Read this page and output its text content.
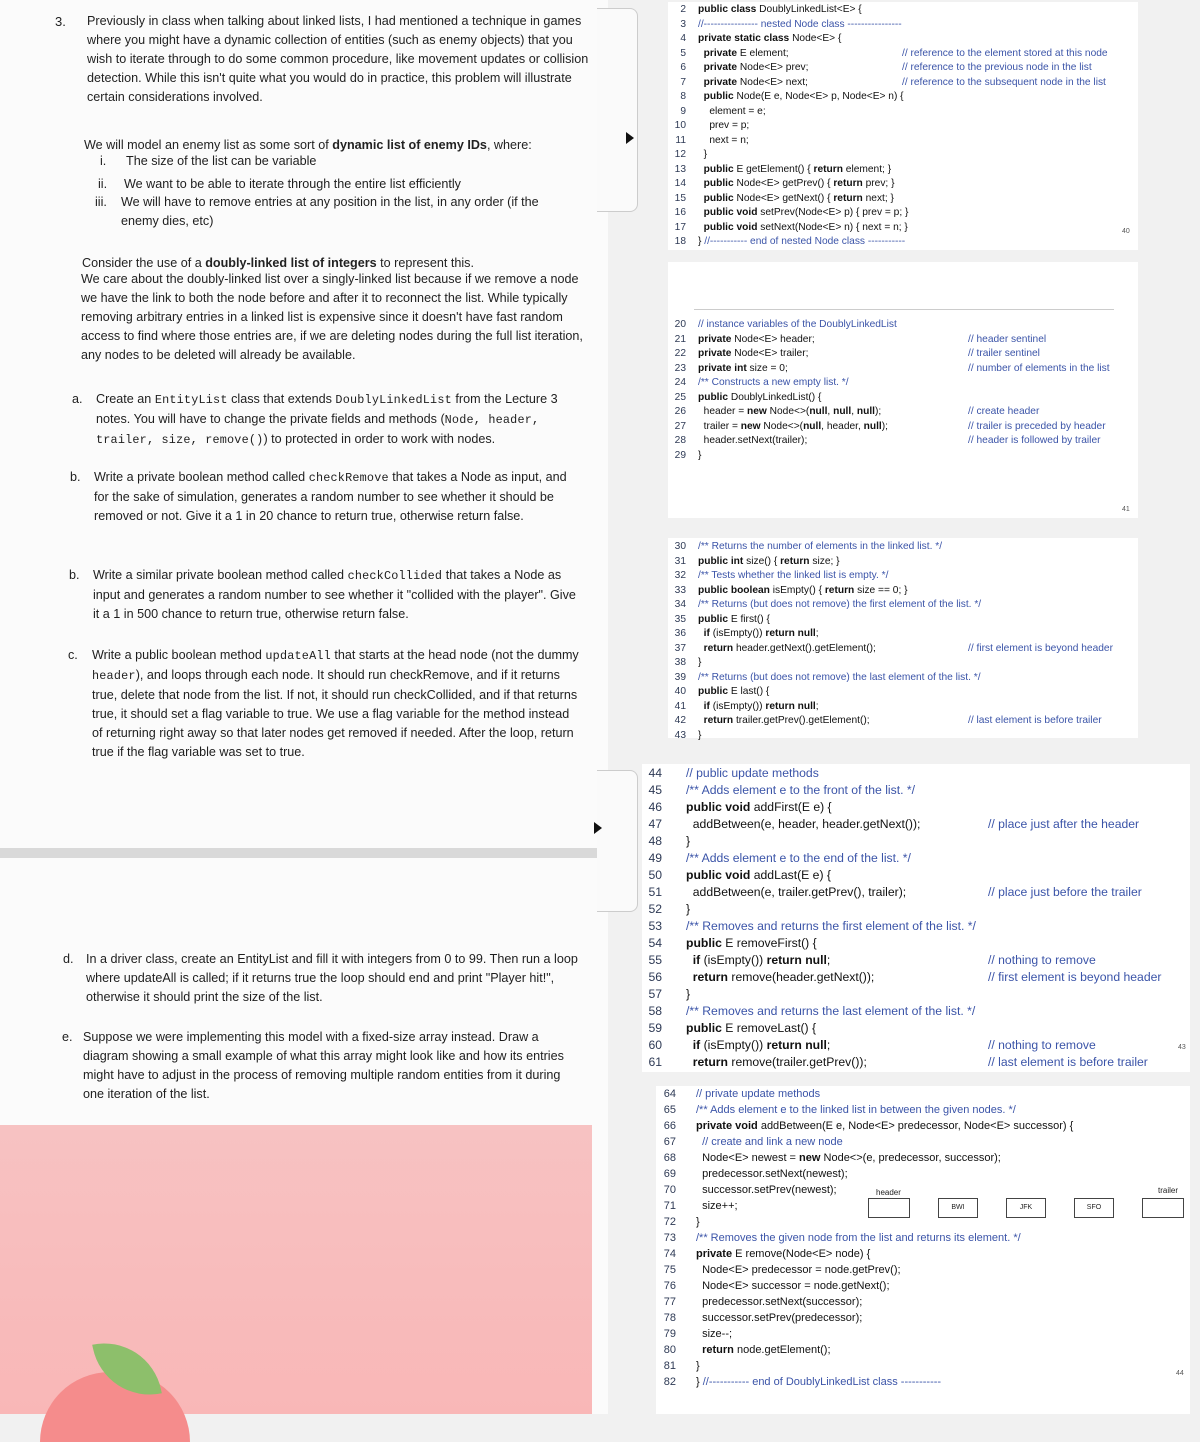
3. Previously in class when talking about linked lists, I had mentioned a technique in games where you might have a dynamic collection of entities (such as enemy objects) that you wish to iterate through to do some common procedure, like movement updates or collision detection. While this isn't quite what you would do in practice, this problem will illustrate certain considerations involved.
We will model an enemy list as some sort of dynamic list of enemy IDs, where:
i. The size of the list can be variable
ii. We want to be able to iterate through the entire list efficiently
iii. We will have to remove entries at any position in the list, in any order (if the enemy dies, etc)
Consider the use of a doubly-linked list of integers to represent this.
We care about the doubly-linked list over a singly-linked list because if we remove a node we have the link to both the node before and after it to reconnect the list. While typically removing arbitrary entries in a linked list is expensive since it doesn't have fast random access to find where those entries are, if we are deleting nodes during the full list iteration, any nodes to be deleted will already be available.
a. Create an EntityList class that extends DoublyLinkedList from the Lecture 3 notes. You will have to change the private fields and methods (Node, header, trailer, size, remove()) to protected in order to work with nodes.
b. Write a private boolean method called checkRemove that takes a Node as input, and for the sake of simulation, generates a random number to see whether it should be removed or not. Give it a 1 in 20 chance to return true, otherwise return false.
b. Write a similar private boolean method called checkCollided that takes a Node as input and generates a random number to see whether it "collided with the player". Give it a 1 in 500 chance to return true, otherwise return false.
c. Write a public boolean method updateAll that starts at the head node (not the dummy header), and loops through each node. It should run checkRemove, and if it returns true, delete that node from the list. If not, it should run checkCollided, and if that returns true, it should set a flag variable to true. We use a flag variable for the method instead of returning right away so that later nodes get removed if needed. After the loop, return true if the flag variable was set to true.
d. In a driver class, create an EntityList and fill it with integers from 0 to 99. Then run a loop where updateAll is called; if it returns true the loop should end and print "Player hit!", otherwise it should print the size of the list.
e. Suppose we were implementing this model with a fixed-size array instead. Draw a diagram showing a small example of what this array might look like and how its entries might have to adjust in the process of removing multiple random entities from it during one iteration of the list.
2 public class DoublyLinkedList<E> {
3 //---------------- nested Node class ----------------
4 private static class Node<E> {
5	private E element;	// reference to the element stored at this node
6	private Node<E> prev;	// reference to the previous node in the list
7	private Node<E> next;	// reference to the subsequent node in the list
8	public Node(E e, Node<E> p, Node<E> n) {
9 element = e;
10 prev = p;
11 next = n;
12 }
13	public E getElement() { return element; }
14	public Node<E> getPrev() { return prev; }
15	public Node<E> getNext() { return next; }
16	public void setPrev(Node<E> p) { prev = p; }
17	public void setNext(Node<E> n) { next = n; }
18 } //----------- end of nested Node class -----------
40
20 // instance variables of the DoublyLinkedList
21 private Node<E> header;	// header sentinel
22 private Node<E> trailer;	// trailer sentinel
23 private int size = 0;	// number of elements in the list
24 /** Constructs a new empty list. */
25 public DoublyLinkedList() {
26 header = new Node<>(null, null, null);	// create header
27 trailer = new Node<>(null, header, null);	// trailer is preceded by header
28 header.setNext(trailer);	// header is followed by trailer
29 }
41
30 /** Returns the number of elements in the linked list. */
31 public int size() { return size; }
32 /** Tests whether the linked list is empty. */
33 public boolean isEmpty() { return size == 0; }
34 /** Returns (but does not remove) the first element of the list. */
35 public E first() {
36	if (isEmpty()) return null;
37	return header.getNext().getElement();	// first element is beyond header
38 }
39 /** Returns (but does not remove) the last element of the list. */
40 public E last() {
41	if (isEmpty()) return null;
42	return trailer.getPrev().getElement();	// last element is before trailer
43 }
44 // public update methods
45 /** Adds element e to the front of the list. */
46 public void addFirst(E e) {
47 addBetween(e, header, header.getNext());	// place just after the header
48 }
49 /** Adds element e to the end of the list. */
50 public void addLast(E e) {
51 addBetween(e, trailer.getPrev(), trailer);	// place just before the trailer
52 }
53 /** Removes and returns the first element of the list. */
54 public E removeFirst() {
55	if (isEmpty()) return null;	// nothing to remove
56	return remove(header.getNext());	// first element is beyond header
57 }
58 /** Removes and returns the last element of the list. */
59 public E removeLast() {
60	if (isEmpty()) return null;	// nothing to remove
61	return remove(trailer.getPrev());	// last element is before trailer
43
64 // private update methods
65 /** Adds element e to the linked list in between the given nodes. */
66 private void addBetween(E e, Node<E> predecessor, Node<E> successor) {
67 // create and link a new node
68 Node<E> newest = new Node<>(e, predecessor, successor);
69 predecessor.setNext(newest);
70 successor.setPrev(newest);
71 size++;
72 }
73 /** Removes the given node from the list and returns its element. */
74 private E remove(Node<E> node) {
75 Node<E> predecessor = node.getPrev();
76 Node<E> successor = node.getNext();
77 predecessor.setNext(successor);
78 successor.setPrev(predecessor);
79 size--;
80	return node.getElement();
81 }
82 } //----------- end of DoublyLinkedList class -----------
44
header	trailer
BWI	JFK	SFO
